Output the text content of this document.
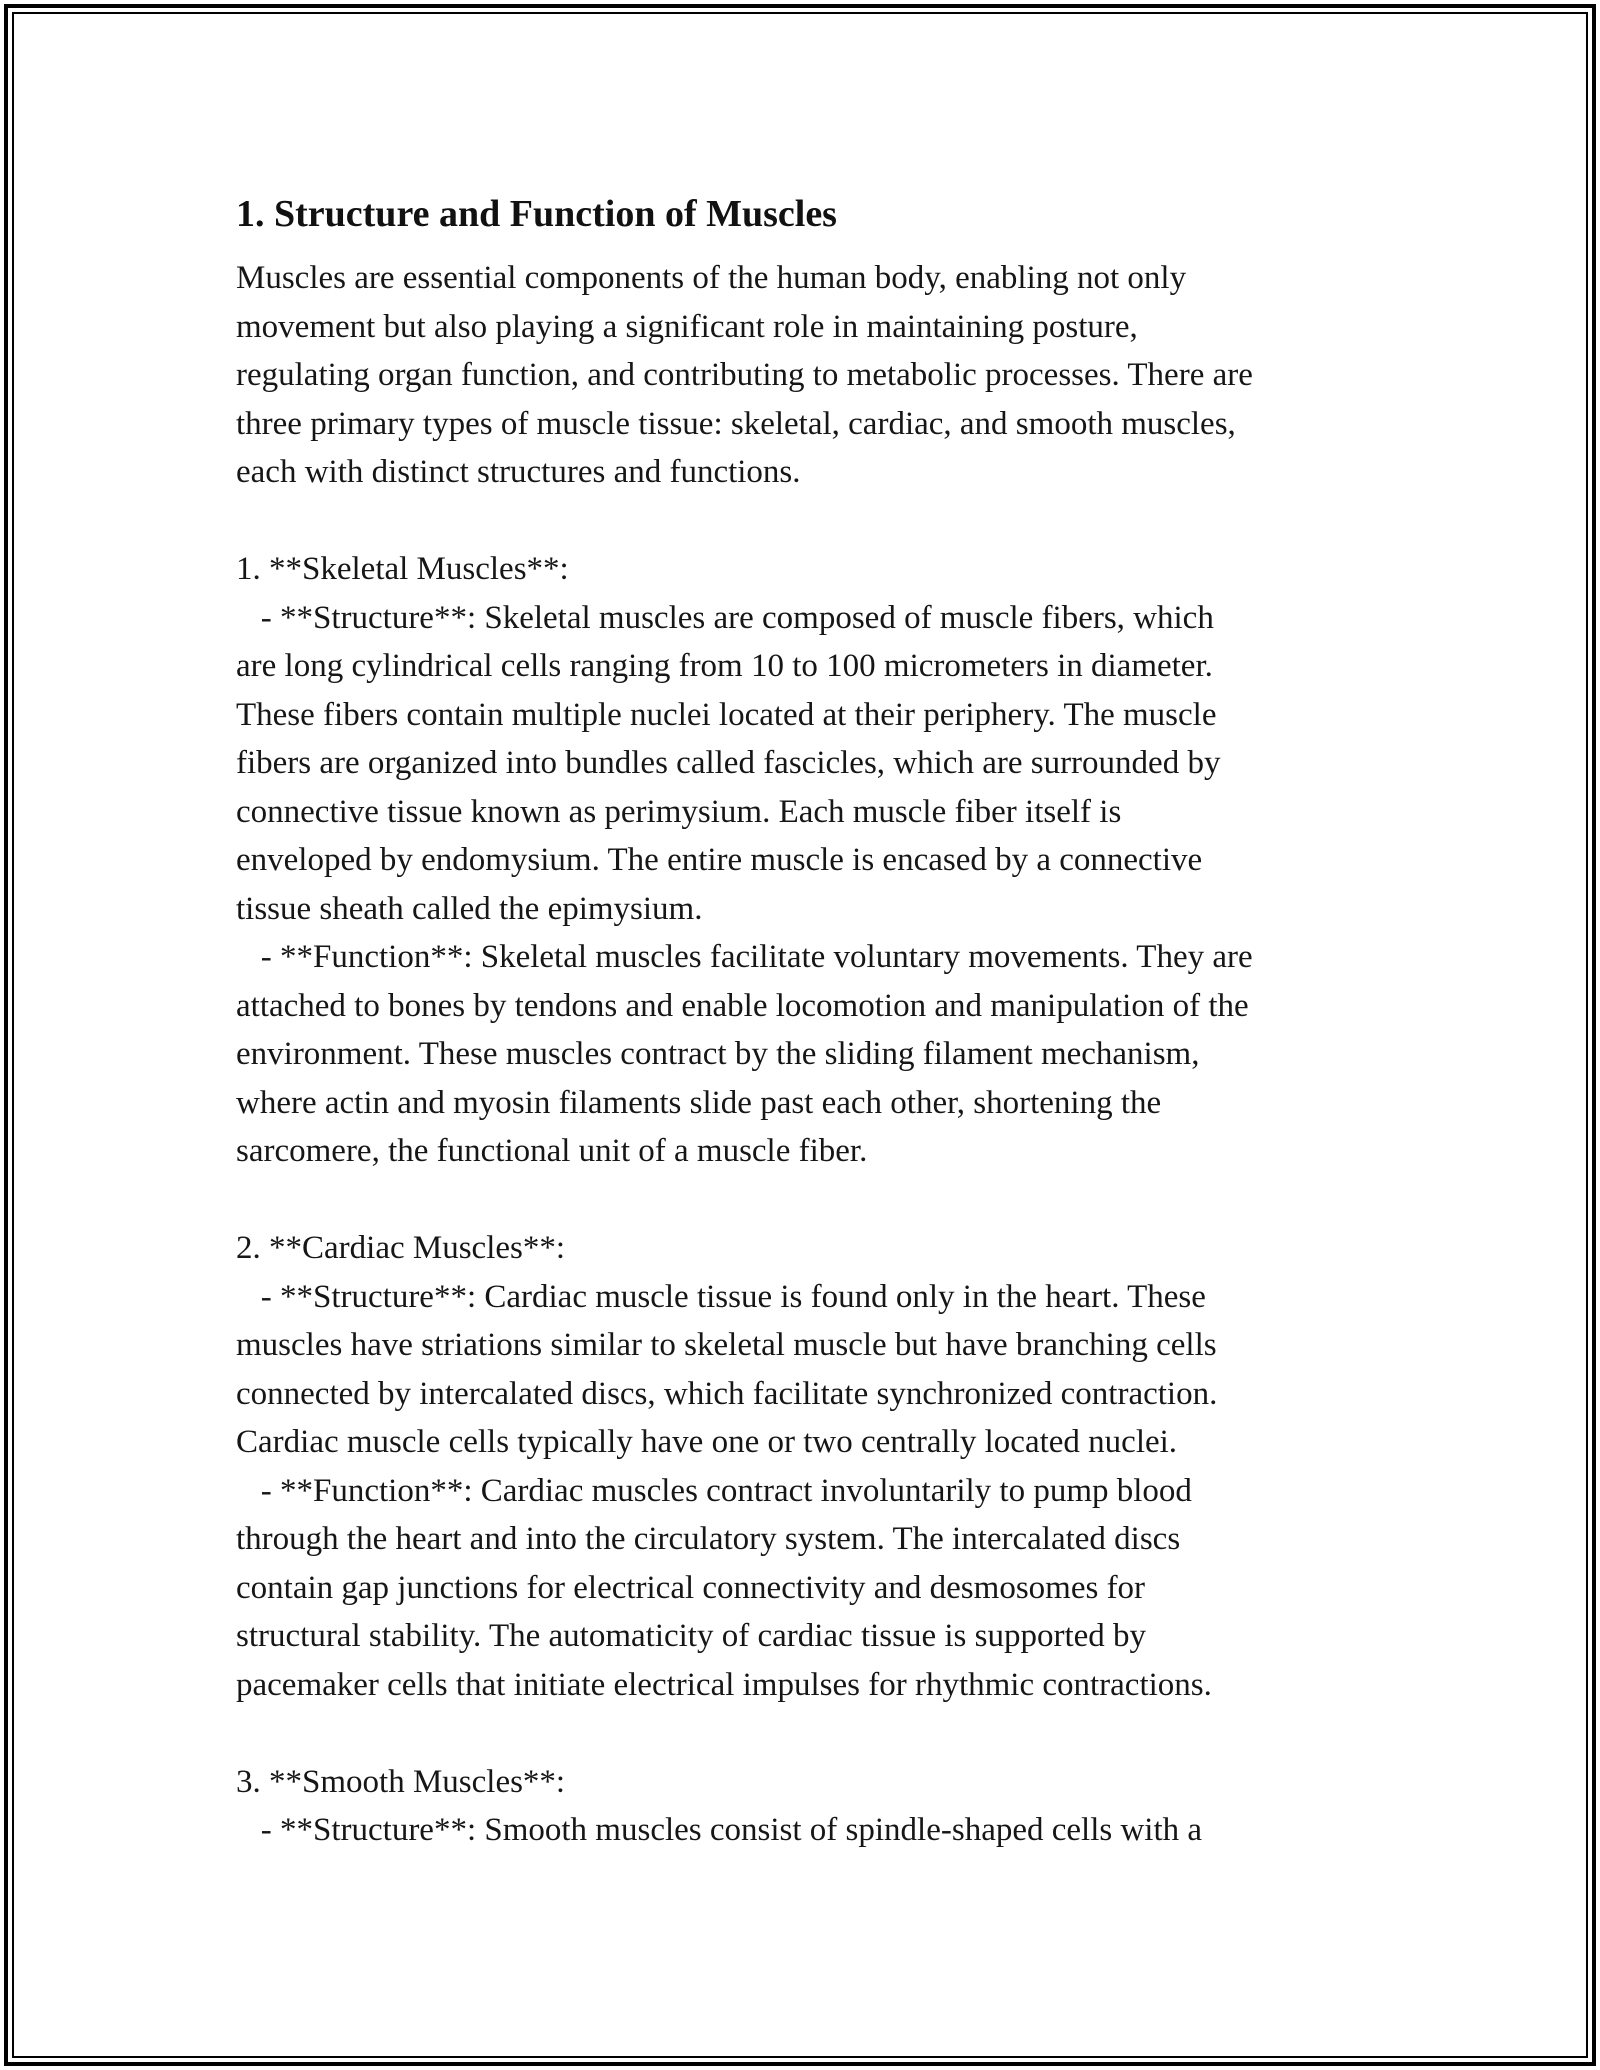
1. Structure and Function of Muscles
Muscles are essential components of the human body, enabling not only
movement but also playing a significant role in maintaining posture,
regulating organ function, and contributing to metabolic processes. There are
three primary types of muscle tissue: skeletal, cardiac, and smooth muscles,
each with distinct structures and functions.

1. **Skeletal Muscles**:
- **Structure**: Skeletal muscles are composed of muscle fibers, which
are long cylindrical cells ranging from 10 to 100 micrometers in diameter.
These fibers contain multiple nuclei located at their periphery. The muscle
fibers are organized into bundles called fascicles, which are surrounded by
connective tissue known as perimysium. Each muscle fiber itself is
enveloped by endomysium. The entire muscle is encased by a connective
tissue sheath called the epimysium.
- **Function**: Skeletal muscles facilitate voluntary movements. They are
attached to bones by tendons and enable locomotion and manipulation of the
environment. These muscles contract by the sliding filament mechanism,
where actin and myosin filaments slide past each other, shortening the
sarcomere, the functional unit of a muscle fiber.

2. **Cardiac Muscles**:
- **Structure**: Cardiac muscle tissue is found only in the heart. These
muscles have striations similar to skeletal muscle but have branching cells
connected by intercalated discs, which facilitate synchronized contraction.
Cardiac muscle cells typically have one or two centrally located nuclei.
- **Function**: Cardiac muscles contract involuntarily to pump blood
through the heart and into the circulatory system. The intercalated discs
contain gap junctions for electrical connectivity and desmosomes for
structural stability. The automaticity of cardiac tissue is supported by
pacemaker cells that initiate electrical impulses for rhythmic contractions.

3. **Smooth Muscles**:
- **Structure**: Smooth muscles consist of spindle-shaped cells with a
